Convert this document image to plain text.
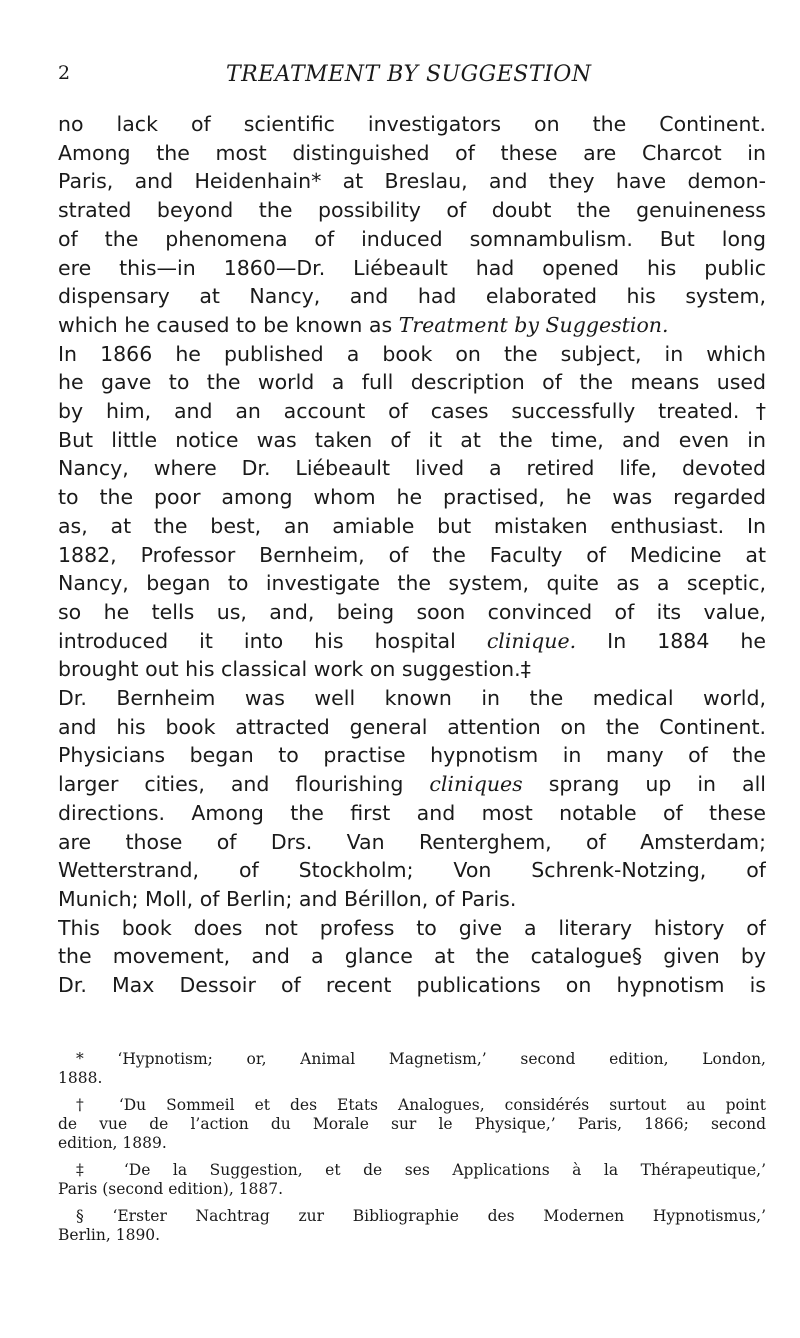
2	TREATMENT BY SUGGESTION
no lack of scientific investigators on the Continent.
Among the most distinguished of these are Charcot in
Paris, and Heidenhain* at Breslau, and they have demon-
strated beyond the possibility of doubt the genuineness
of the phenomena of induced somnambulism. But long
ere this—in 1860—Dr. Liébeault had opened his public
dispensary at Nancy, and had elaborated his system,
which he caused to be known as Treatment by Suggestion.
In 1866 he published a book on the subject, in which
he gave to the world a full description of the means used
by him, and an account of cases successfully treated.†
But little notice was taken of it at the time, and even in
Nancy, where Dr. Liébeault lived a retired life, devoted
to the poor among whom he practised, he was regarded
as, at the best, an amiable but mistaken enthusiast. In
1882, Professor Bernheim, of the Faculty of Medicine at
Nancy, began to investigate the system, quite as a sceptic,
so he tells us, and, being soon convinced of its value,
introduced it into his hospital clinique. In 1884 he
brought out his classical work on suggestion.‡
Dr. Bernheim was well known in the medical world,
and his book attracted general attention on the Continent.
Physicians began to practise hypnotism in many of the
larger cities, and flourishing cliniques sprang up in all
directions. Among the first and most notable of these
are those of Drs. Van Renterghem, of Amsterdam;
Wetterstrand, of Stockholm; Von Schrenk-Notzing, of
Munich; Moll, of Berlin; and Bérillon, of Paris.
This book does not profess to give a literary history of
the movement, and a glance at the catalogue§ given by
Dr. Max Dessoir of recent publications on hypnotism is
* ‘Hypnotism; or, Animal Magnetism,’ second edition, London,
1888.
† ‘Du Sommeil et des Etats Analogues, considérés surtout au point
de vue de l’action du Morale sur le Physique,’ Paris, 1866; second
edition, 1889.
‡ ‘De la Suggestion, et de ses Applications à la Thérapeutique,’
Paris (second edition), 1887.
§ ‘Erster Nachtrag zur Bibliographie des Modernen Hypnotismus,’
Berlin, 1890.
